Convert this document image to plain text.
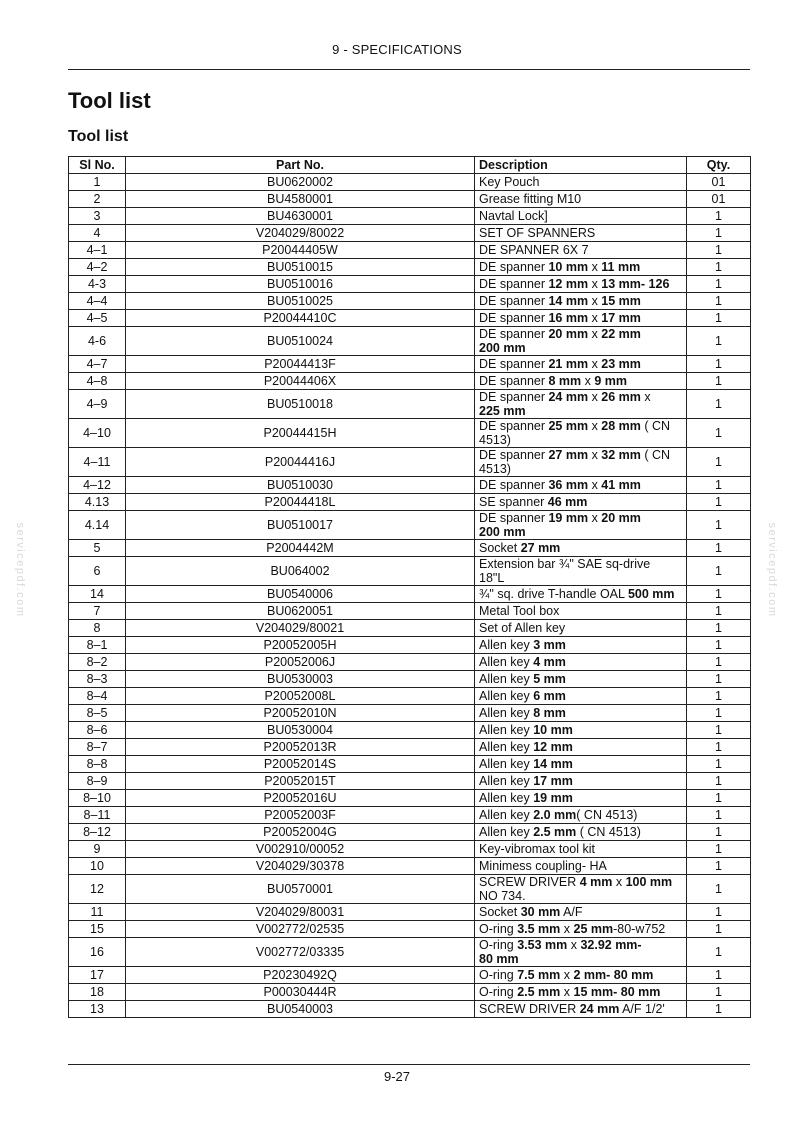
9 - SPECIFICATIONS
Tool list
Tool list
servicepdf.com	servicepdf.com
Sl No.	Part No.	Description	Qty.
1	BU0620002	Key Pouch	01
2	BU4580001	Grease fitting M10	01
3	BU4630001	Navtal Lock]	1
4	V204029/80022	SET OF SPANNERS	1
4–1	P20044405W	DE SPANNER 6X 7	1
4–2	BU0510015	DE spanner 10 mm x 11 mm	1
4-3	BU0510016	DE spanner 12 mm x 13 mm- 126	1
4–4	BU0510025	DE spanner 14 mm x 15 mm	1
4–5	P20044410C	DE spanner 16 mm x 17 mm	1
4-6	BU0510024	DE spanner 20 mm x 22 mm
200 mm	1
4–7	P20044413F	DE spanner 21 mm x 23 mm	1
4–8	P20044406X	DE spanner 8 mm x 9 mm	1
4–9	BU0510018	DE spanner 24 mm x 26 mm x
225 mm	1
4–10	P20044415H	DE spanner 25 mm x 28 mm ( CN
4513)	1
4–11	P20044416J	DE spanner 27 mm x 32 mm ( CN
4513)	1
4–12	BU0510030	DE spanner 36 mm x 41 mm	1
4.13	P20044418L	SE spanner 46 mm	1
4.14	BU0510017	DE spanner 19 mm x 20 mm
200 mm	1
5	P2004442M	Socket 27 mm	1
6	BU064002	Extension bar ¾" SAE sq-drive
18"L	1
14	BU0540006	¾" sq. drive T-handle OAL 500 mm	1
7	BU0620051	Metal Tool box	1
8	V204029/80021	Set of Allen key	1
8–1	P20052005H	Allen key 3 mm	1
8–2	P20052006J	Allen key 4 mm	1
8–3	BU0530003	Allen key 5 mm	1
8–4	P20052008L	Allen key 6 mm	1
8–5	P20052010N	Allen key 8 mm	1
8–6	BU0530004	Allen key 10 mm	1
8–7	P20052013R	Allen key 12 mm	1
8–8	P20052014S	Allen key 14 mm	1
8–9	P20052015T	Allen key 17 mm	1
8–10	P20052016U	Allen key 19 mm	1
8–11	P20052003F	Allen key 2.0 mm( CN 4513)	1
8–12	P20052004G	Allen key 2.5 mm ( CN 4513)	1
9	V002910/00052	Key-vibromax tool kit	1
10	V204029/30378	Minimess coupling- HA	1
12	BU0570001	SCREW DRIVER 4 mm x 100 mm
NO 734.	1
11	V204029/80031	Socket 30 mm A/F	1
15	V002772/02535	O-ring 3.5 mm x 25 mm-80-w752	1
16	V002772/03335	O-ring 3.53 mm x 32.92 mm-
80 mm	1
17	P20230492Q	O-ring 7.5 mm x 2 mm- 80 mm	1
18	P00030444R	O-ring 2.5 mm x 15 mm- 80 mm	1
13	BU0540003	SCREW DRIVER 24 mm A/F 1/2'	1
9-27
